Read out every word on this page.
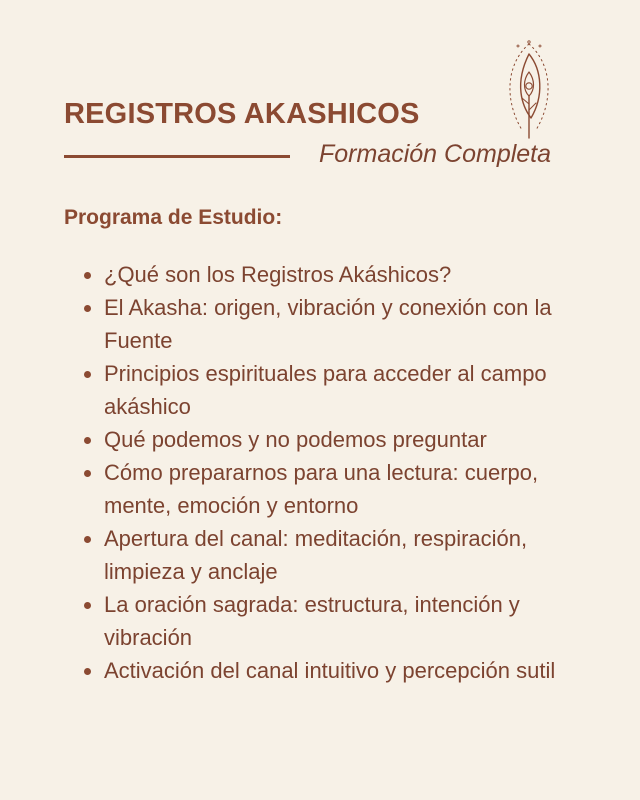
REGISTROS AKASHICOS
Formación Completa
Programa de Estudio:
¿Qué son los Registros Akáshicos?
El Akasha: origen, vibración y conexión con la Fuente
Principios espirituales para acceder al campo akáshico
Qué podemos y no podemos preguntar
Cómo prepararnos para una lectura: cuerpo, mente, emoción y entorno
Apertura del canal: meditación, respiración, limpieza y anclaje
La oración sagrada: estructura, intención y vibración
Activación del canal intuitivo y percepción sutil
